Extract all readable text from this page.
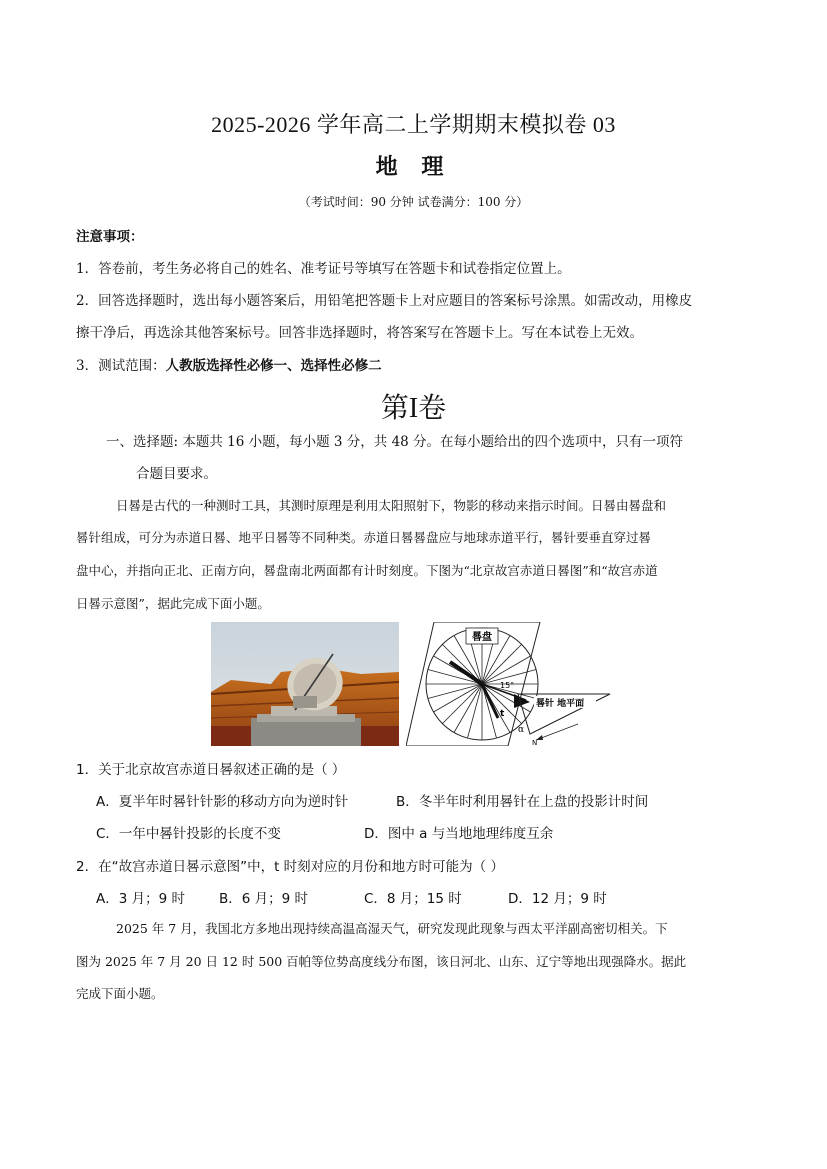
2025-2026 学年高二上学期期末模拟卷 03
地 理
（考试时间：90 分钟 试卷满分：100 分）
注意事项：
1．答卷前，考生务必将自己的姓名、准考证号等填写在答题卡和试卷指定位置上。
2．回答选择题时，选出每小题答案后，用铅笔把答题卡上对应题目的答案标号涂黑。如需改动，用橡皮
擦干净后，再选涂其他答案标号。回答非选择题时，将答案写在答题卡上。写在本试卷上无效。
3．测试范围：人教版选择性必修一、选择性必修二
第I卷
一、选择题: 本题共 16 小题，每小题 3 分，共 48 分。在每小题给出的四个选项中，只有一项符
合题目要求。
日晷是古代的一种测时工具，其测时原理是利用太阳照射下，物影的移动来指示时间。日晷由晷盘和
晷针组成，可分为赤道日晷、地平日晷等不同种类。赤道日晷晷盘应与地球赤道平行，晷针要垂直穿过晷
盘中心，并指向正北、正南方向，晷盘南北两面都有计时刻度。下图为“北京故宫赤道日晷图”和“故宫赤道
日晷示意图”，据此完成下面小题。
晷盘
15°
t
晷针 地平面
α
N
1．关于北京故宫赤道日晷叙述正确的是（ ）
A．夏半年时晷针针影的移动方向为逆时针	B．冬半年时利用晷针在上盘的投影计时间
C．一年中晷针投影的长度不变	D．图中 a 与当地地理纬度互余
2．在“故宫赤道日晷示意图”中，t 时刻对应的月份和地方时可能为（ ）
A．3 月；9 时	B．6 月；9 时	C．8 月；15 时	D．12 月；9 时
2025 年 7 月，我国北方多地出现持续高温高湿天气，研究发现此现象与西太平洋副高密切相关。下
图为 2025 年 7 月 20 日 12 时 500 百帕等位势高度线分布图，该日河北、山东、辽宁等地出现强降水。据此
完成下面小题。
